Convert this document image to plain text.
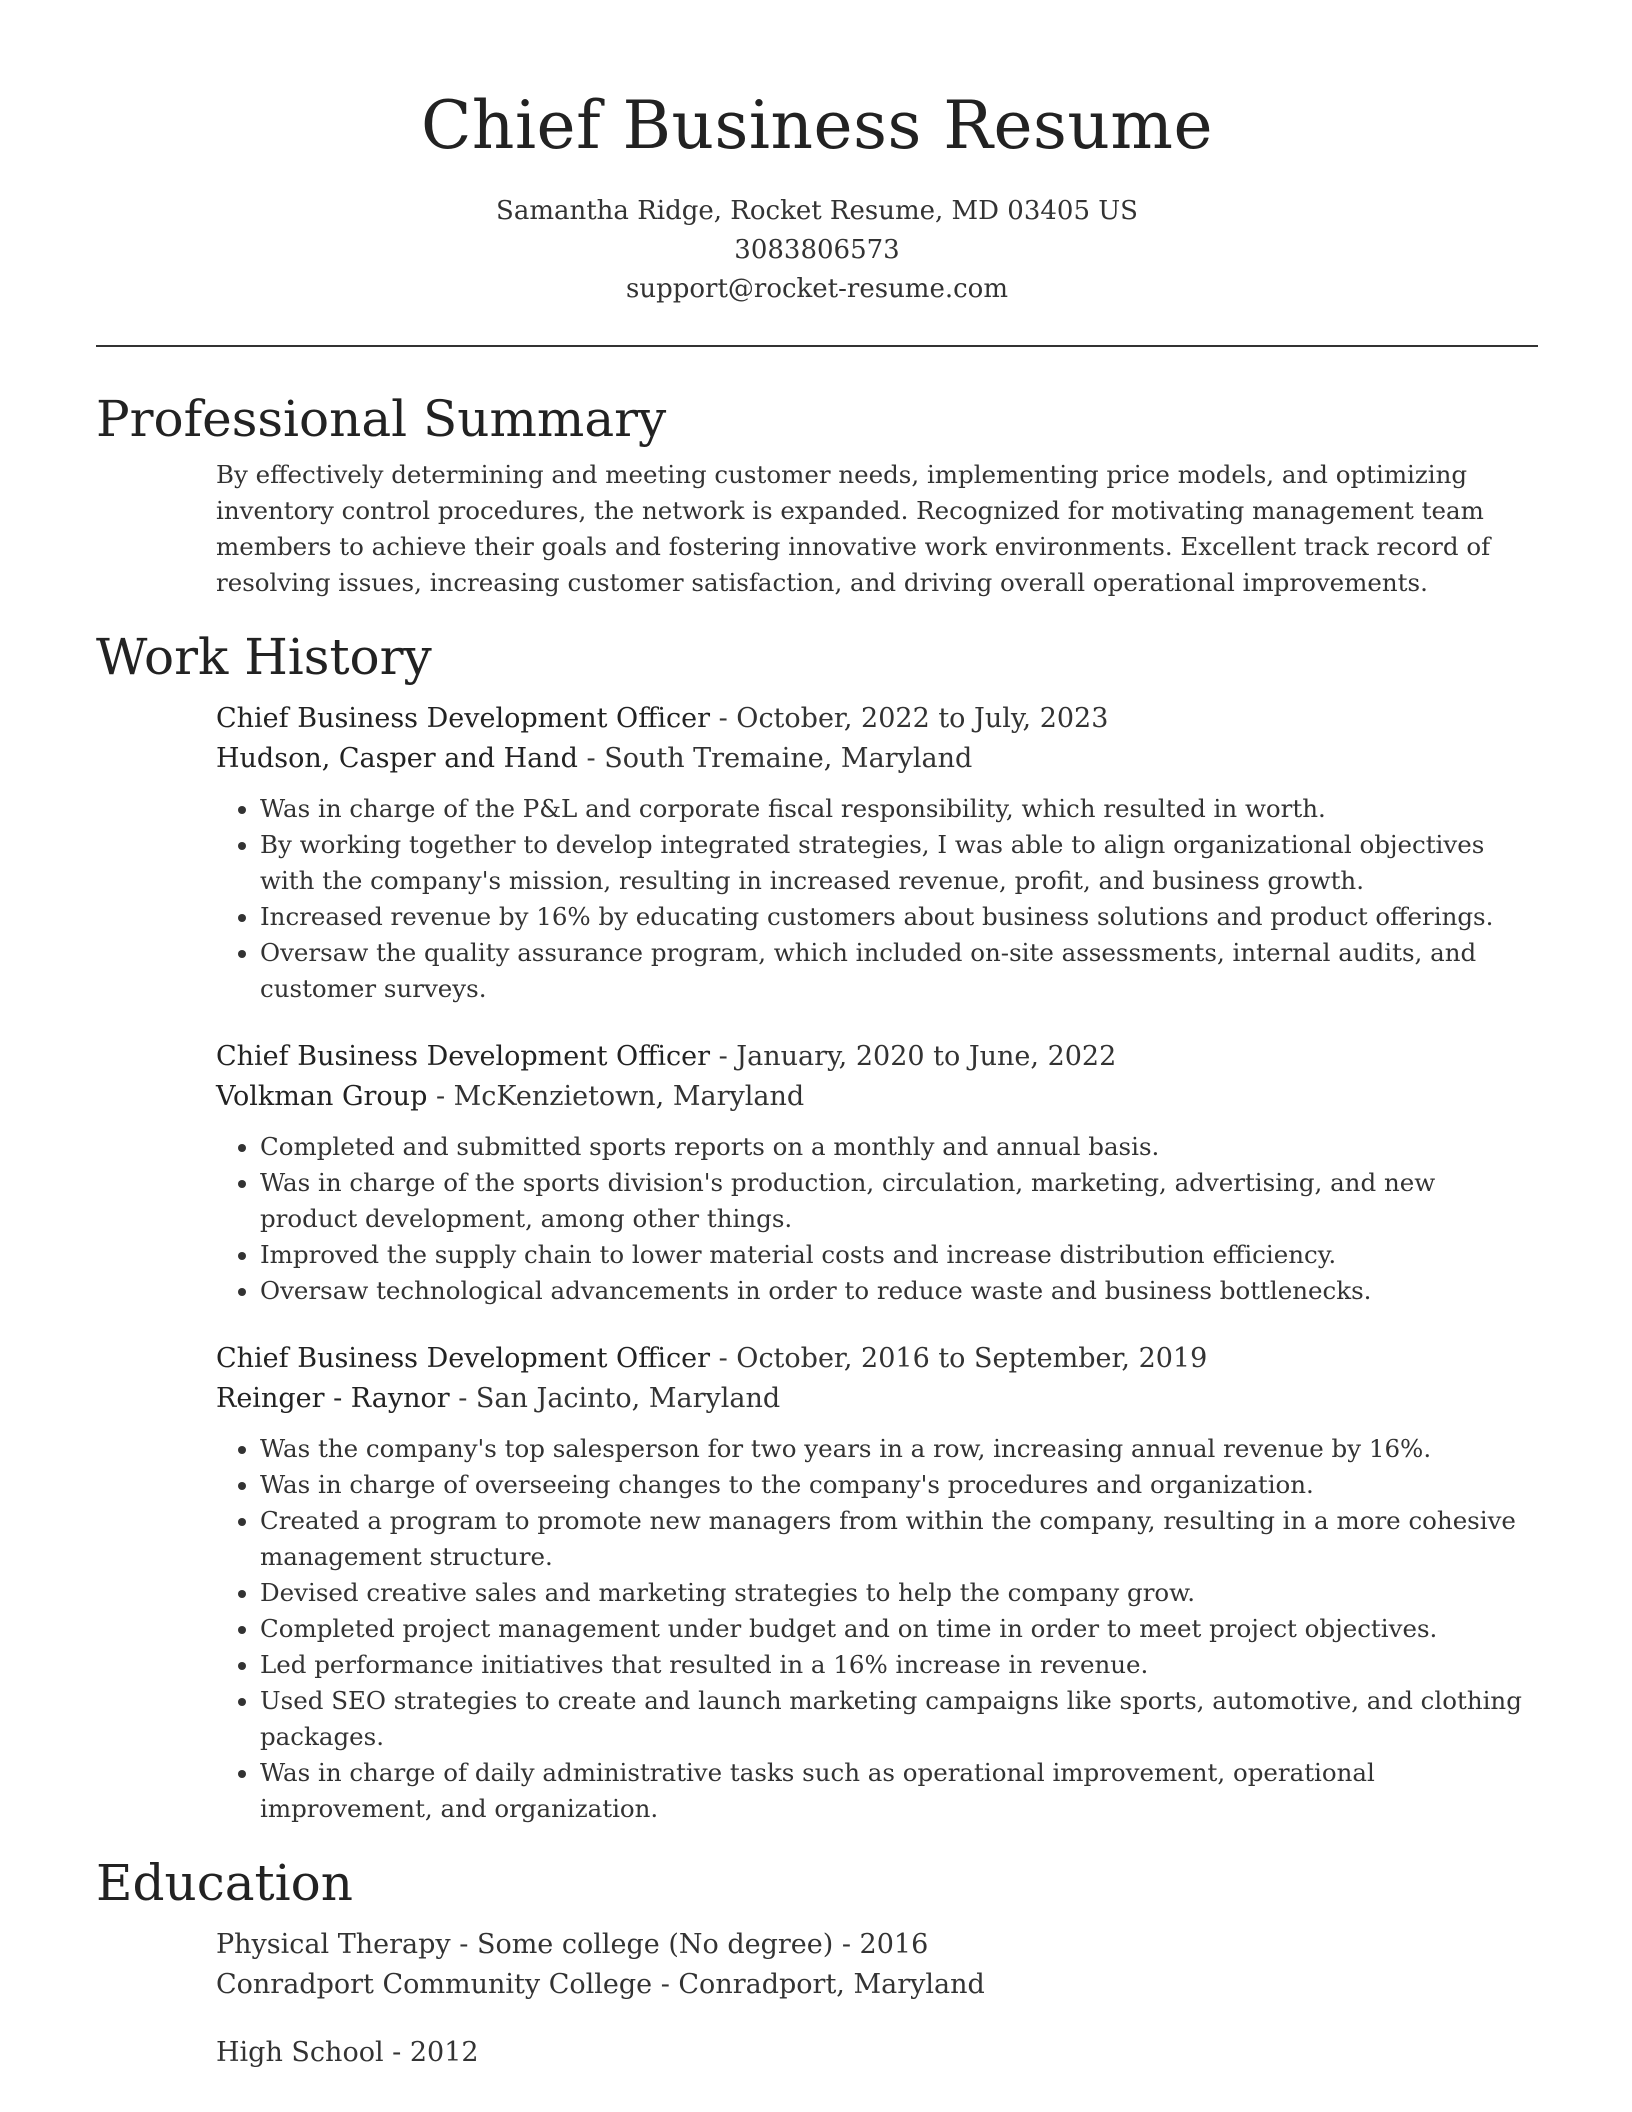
Chief Business Resume
Samantha Ridge, Rocket Resume, MD 03405 US
3083806573
support@rocket-resume.com
Professional Summary

By effectively determining and meeting customer needs, implementing price models, and optimizing inventory control procedures, the network is expanded. Recognized for motivating management team members to achieve their goals and fostering innovative work environments. Excellent track record of resolving issues, increasing customer satisfaction, and driving overall operational improvements.

Work History
Chief Business Development Officer - October, 2022 to July, 2023
Hudson, Casper and Hand - South Tremaine, Maryland
• Was in charge of the P&L and corporate fiscal responsibility, which resulted in worth.
• By working together to develop integrated strategies, I was able to align organizational objectives with the company's mission, resulting in increased revenue, profit, and business growth.
• Increased revenue by 16% by educating customers about business solutions and product offerings.
• Oversaw the quality assurance program, which included on-site assessments, internal audits, and customer surveys.
Chief Business Development Officer - January, 2020 to June, 2022
Volkman Group - McKenzietown, Maryland
• Completed and submitted sports reports on a monthly and annual basis.
• Was in charge of the sports division's production, circulation, marketing, advertising, and new product development, among other things.
• Improved the supply chain to lower material costs and increase distribution efficiency.
• Oversaw technological advancements in order to reduce waste and business bottlenecks.
Chief Business Development Officer - October, 2016 to September, 2019
Reinger - Raynor - San Jacinto, Maryland
• Was the company's top salesperson for two years in a row, increasing annual revenue by 16%.
• Was in charge of overseeing changes to the company's procedures and organization.
• Created a program to promote new managers from within the company, resulting in a more cohesive management structure.
• Devised creative sales and marketing strategies to help the company grow.
• Completed project management under budget and on time in order to meet project objectives.
• Led performance initiatives that resulted in a 16% increase in revenue.
• Used SEO strategies to create and launch marketing campaigns like sports, automotive, and clothing packages.
• Was in charge of daily administrative tasks such as operational improvement, operational improvement, and organization.
Education
Physical Therapy - Some college (No degree) - 2016
Conradport Community College - Conradport, Maryland
High School - 2012
